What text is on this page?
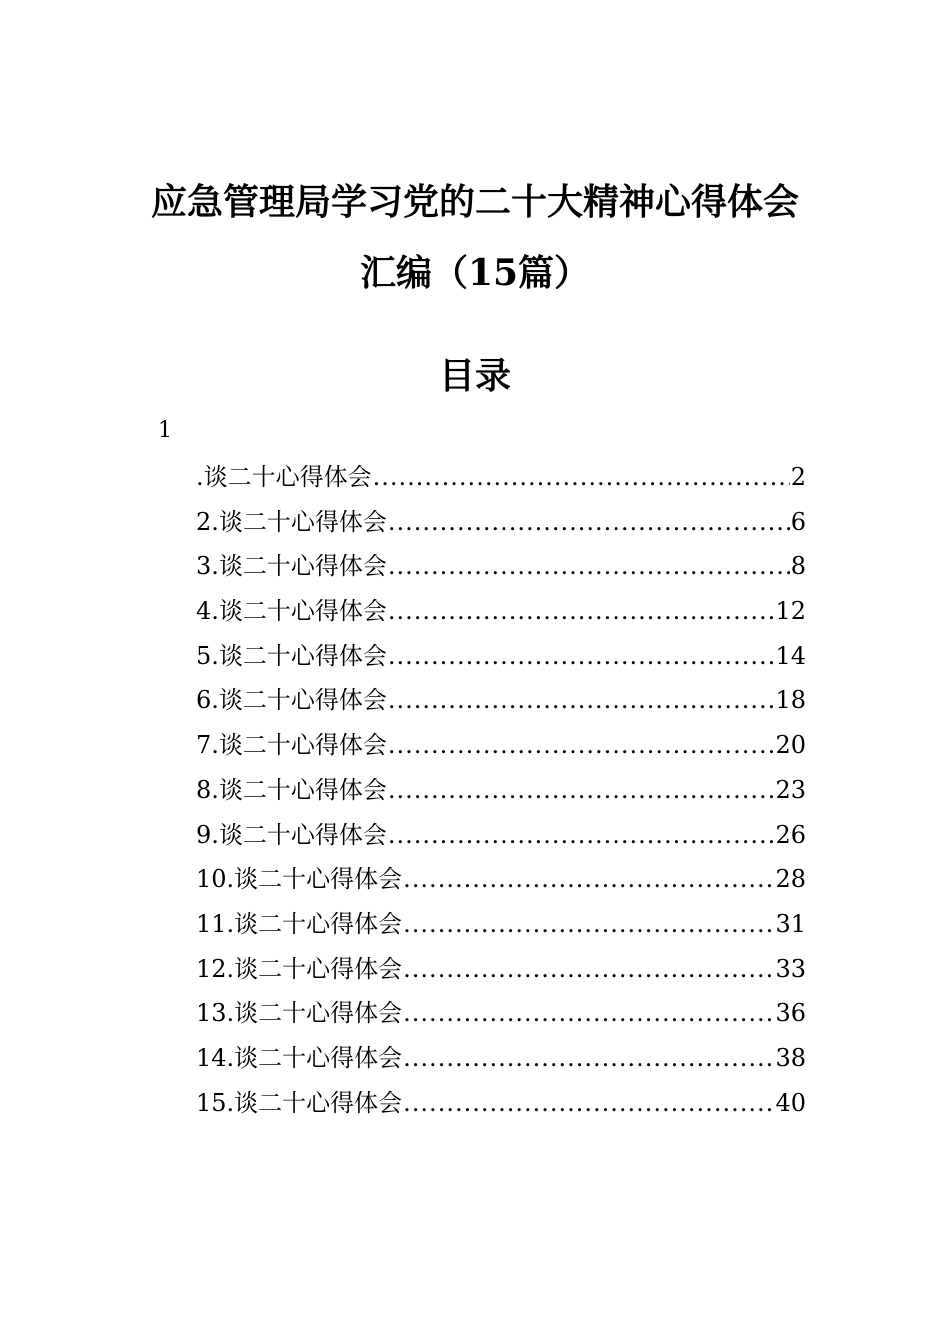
应急管理局学习党的二十大精神心得体会
汇编（15篇）
目录
1
.谈二十心得体会 .....	2
2.谈二十心得体会 .....	6
3.谈二十心得体会 .....	8
4.谈二十心得体会 .....	12
5.谈二十心得体会 .....	14
6.谈二十心得体会 .....	18
7.谈二十心得体会 .....	20
8.谈二十心得体会 .....	23
9.谈二十心得体会 .....	26
10.谈二十心得体会 .....	28
11.谈二十心得体会 .....	31
12.谈二十心得体会 .....	33
13.谈二十心得体会 .....	36
14.谈二十心得体会 .....	38
15.谈二十心得体会 .....	40
